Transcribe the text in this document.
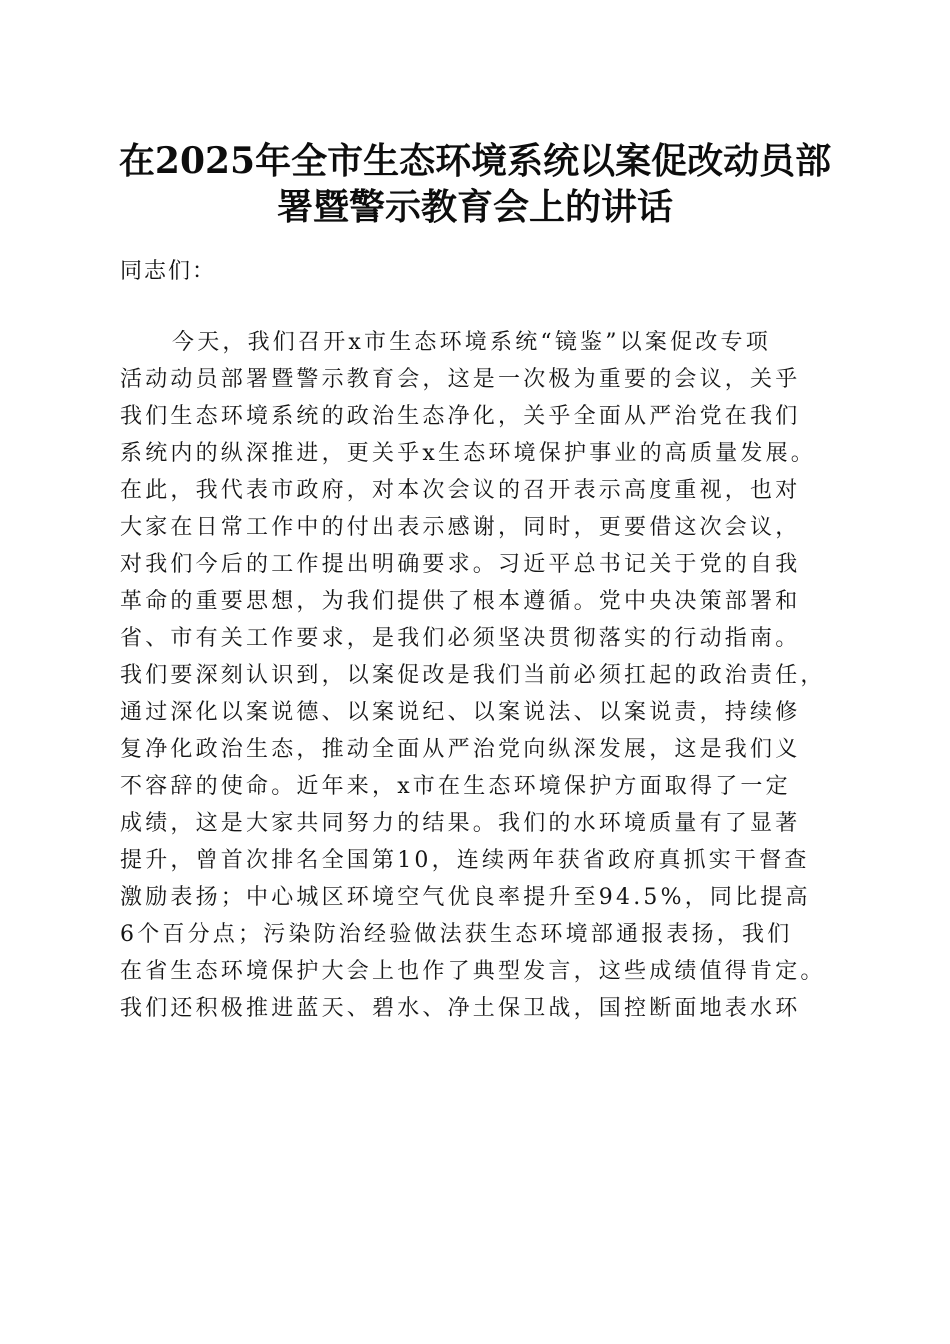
在2025年全市生态环境系统以案促改动员部
署暨警示教育会上的讲话
同志们：
今天，我们召开x市生态环境系统“镜鉴”以案促改专项
活动动员部署暨警示教育会，这是一次极为重要的会议，关乎
我们生态环境系统的政治生态净化，关乎全面从严治党在我们
系统内的纵深推进，更关乎x生态环境保护事业的高质量发展。
在此，我代表市政府，对本次会议的召开表示高度重视，也对
大家在日常工作中的付出表示感谢，同时，更要借这次会议，
对我们今后的工作提出明确要求。习近平总书记关于党的自我
革命的重要思想，为我们提供了根本遵循。党中央决策部署和
省、市有关工作要求，是我们必须坚决贯彻落实的行动指南。
我们要深刻认识到，以案促改是我们当前必须扛起的政治责任，
通过深化以案说德、以案说纪、以案说法、以案说责，持续修
复净化政治生态，推动全面从严治党向纵深发展，这是我们义
不容辞的使命。近年来，x市在生态环境保护方面取得了一定
成绩，这是大家共同努力的结果。我们的水环境质量有了显著
提升，曾首次排名全国第10，连续两年获省政府真抓实干督查
激励表扬；中心城区环境空气优良率提升至94.5%，同比提高
6个百分点；污染防治经验做法获生态环境部通报表扬，我们
在省生态环境保护大会上也作了典型发言，这些成绩值得肯定。
我们还积极推进蓝天、碧水、净土保卫战，国控断面地表水环
